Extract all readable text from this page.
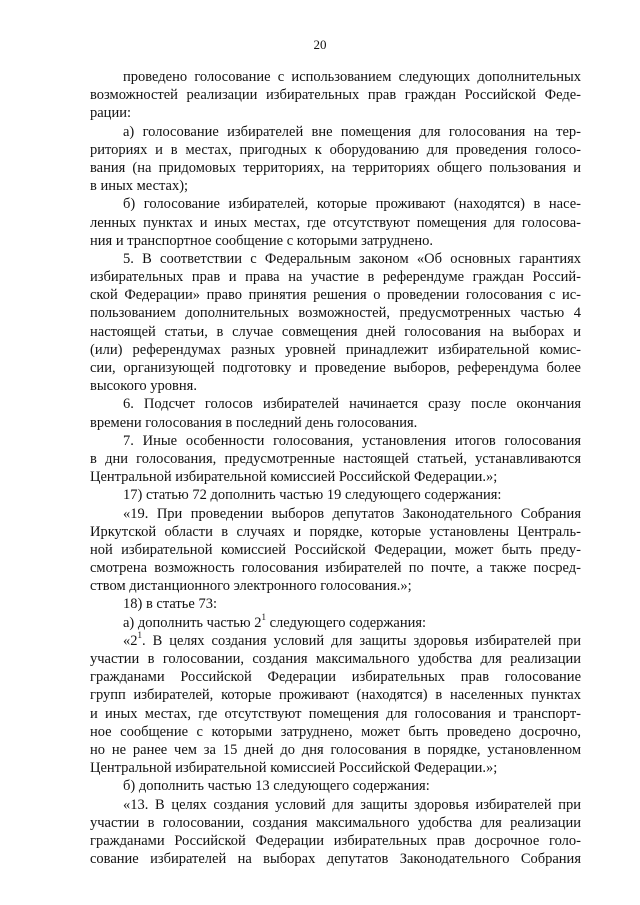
20
проведено голосование с использованием следующих дополнительных
возможностей реализации избирательных прав граждан Российской Феде-
рации:
а) голосование избирателей вне помещения для голосования на тер-
риториях и в местах, пригодных к оборудованию для проведения голосо-
вания (на придомовых территориях, на территориях общего пользования и
в иных местах);
б) голосование избирателей, которые проживают (находятся) в насе-
ленных пунктах и иных местах, где отсутствуют помещения для голосова-
ния и транспортное сообщение с которыми затруднено.
5. В соответствии с Федеральным законом «Об основных гарантиях
избирательных прав и права на участие в референдуме граждан Россий-
ской Федерации» право принятия решения о проведении голосования с ис-
пользованием дополнительных возможностей, предусмотренных частью 4
настоящей статьи, в случае совмещения дней голосования на выборах и
(или) референдумах разных уровней принадлежит избирательной комис-
сии, организующей подготовку и проведение выборов, референдума более
высокого уровня.
6. Подсчет голосов избирателей начинается сразу после окончания
времени голосования в последний день голосования.
7. Иные особенности голосования, установления итогов голосования
в дни голосования, предусмотренные настоящей статьей, устанавливаются
Центральной избирательной комиссией Российской Федерации.»;
17) статью 72 дополнить частью 19 следующего содержания:
«19. При проведении выборов депутатов Законодательного Собрания
Иркутской области в случаях и порядке, которые установлены Централь-
ной избирательной комиссией Российской Федерации, может быть преду-
смотрена возможность голосования избирателей по почте, а также посред-
ством дистанционного электронного голосования.»;
18) в статье 73:
а) дополнить частью $2^1$ следующего содержания:
«$2^1$. В целях создания условий для защиты здоровья избирателей при
участии в голосовании, создания максимального удобства для реализации
гражданами Российской Федерации избирательных прав голосование
групп избирателей, которые проживают (находятся) в населенных пунктах
и иных местах, где отсутствуют помещения для голосования и транспорт-
ное сообщение с которыми затруднено, может быть проведено досрочно,
но не ранее чем за 15 дней до дня голосования в порядке, установленном
Центральной избирательной комиссией Российской Федерации.»;
б) дополнить частью 13 следующего содержания:
«13. В целях создания условий для защиты здоровья избирателей при
участии в голосовании, создания максимального удобства для реализации
гражданами Российской Федерации избирательных прав досрочное голо-
сование избирателей на выборах депутатов Законодательного Собрания
